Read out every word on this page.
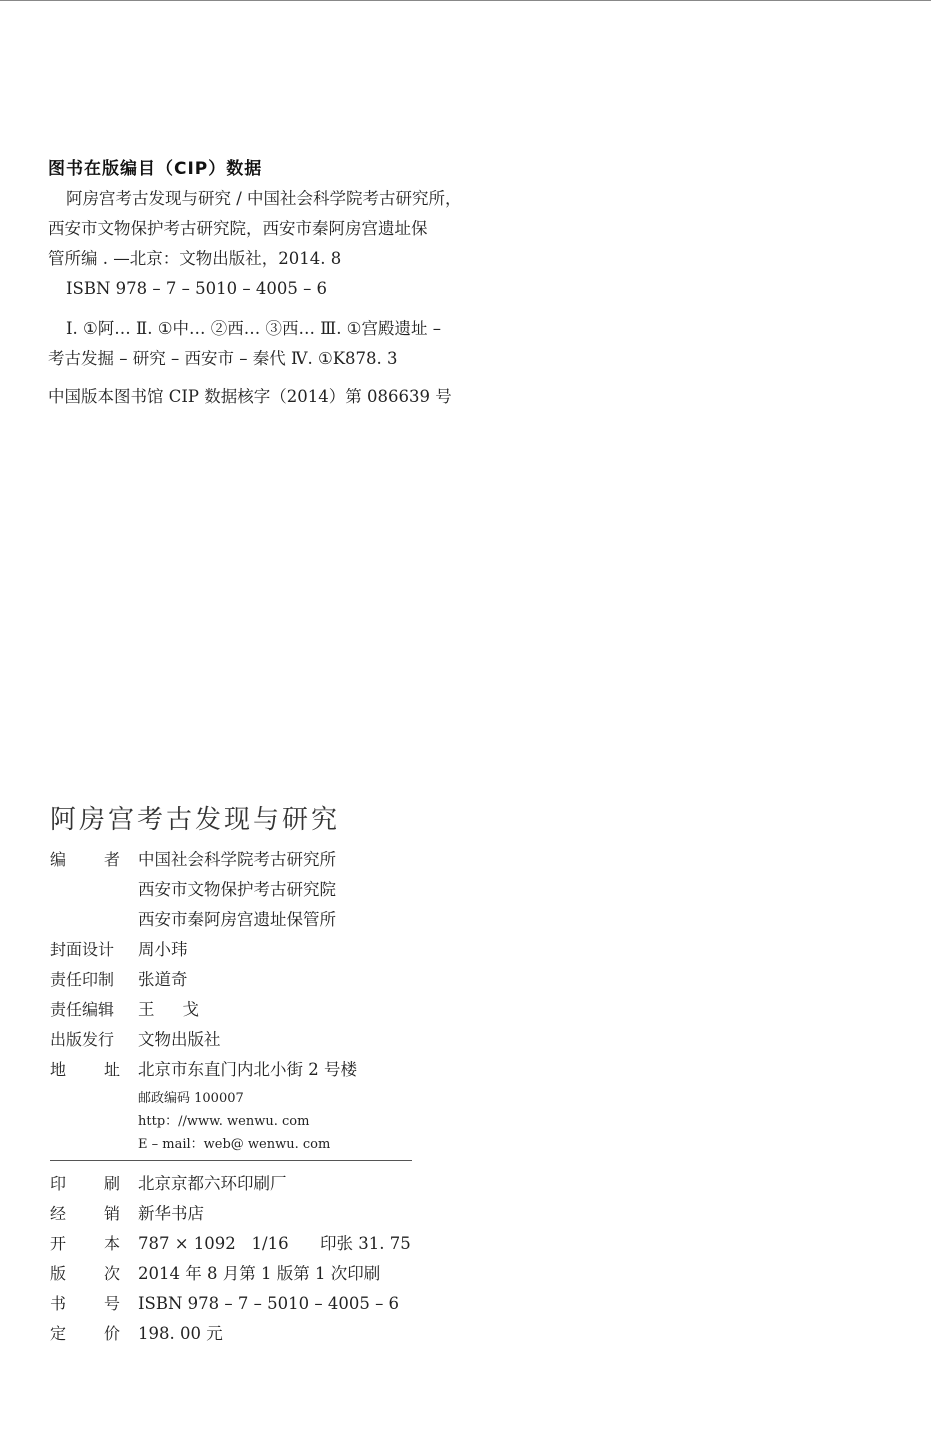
图书在版编目（CIP）数据
阿房宫考古发现与研究 / 中国社会科学院考古研究所，
西安市文物保护考古研究院，西安市秦阿房宫遗址保
管所编 . —北京：文物出版社，2014. 8
ISBN 978 – 7 – 5010 – 4005 – 6
Ⅰ. ①阿… Ⅱ. ①中… ②西… ③西… Ⅲ. ①宫殿遗址 –
考古发掘 – 研究 – 西安市 – 秦代 Ⅳ. ①K878. 3
中国版本图书馆 CIP 数据核字（2014）第 086639 号
阿房宫考古发现与研究
编 者 中国社会科学院考古研究所
西安市文物保护考古研究院
西安市秦阿房宫遗址保管所
封面设计	周小玮
责任印制	张道奇
责任编辑	王 戈
出版发行	文物出版社
地 址 北京市东直门内北小街 2 号楼
邮政编码 100007
http：//www. wenwu. com
E – mail：web@ wenwu. com
印 刷 北京京都六环印刷厂
经 销 新华书店
开 本 787 × 1092   1/16      印张 31. 75
版 次 2014 年 8 月第 1 版第 1 次印刷
书 号 ISBN 978 – 7 – 5010 – 4005 – 6
定 价 198. 00 元
